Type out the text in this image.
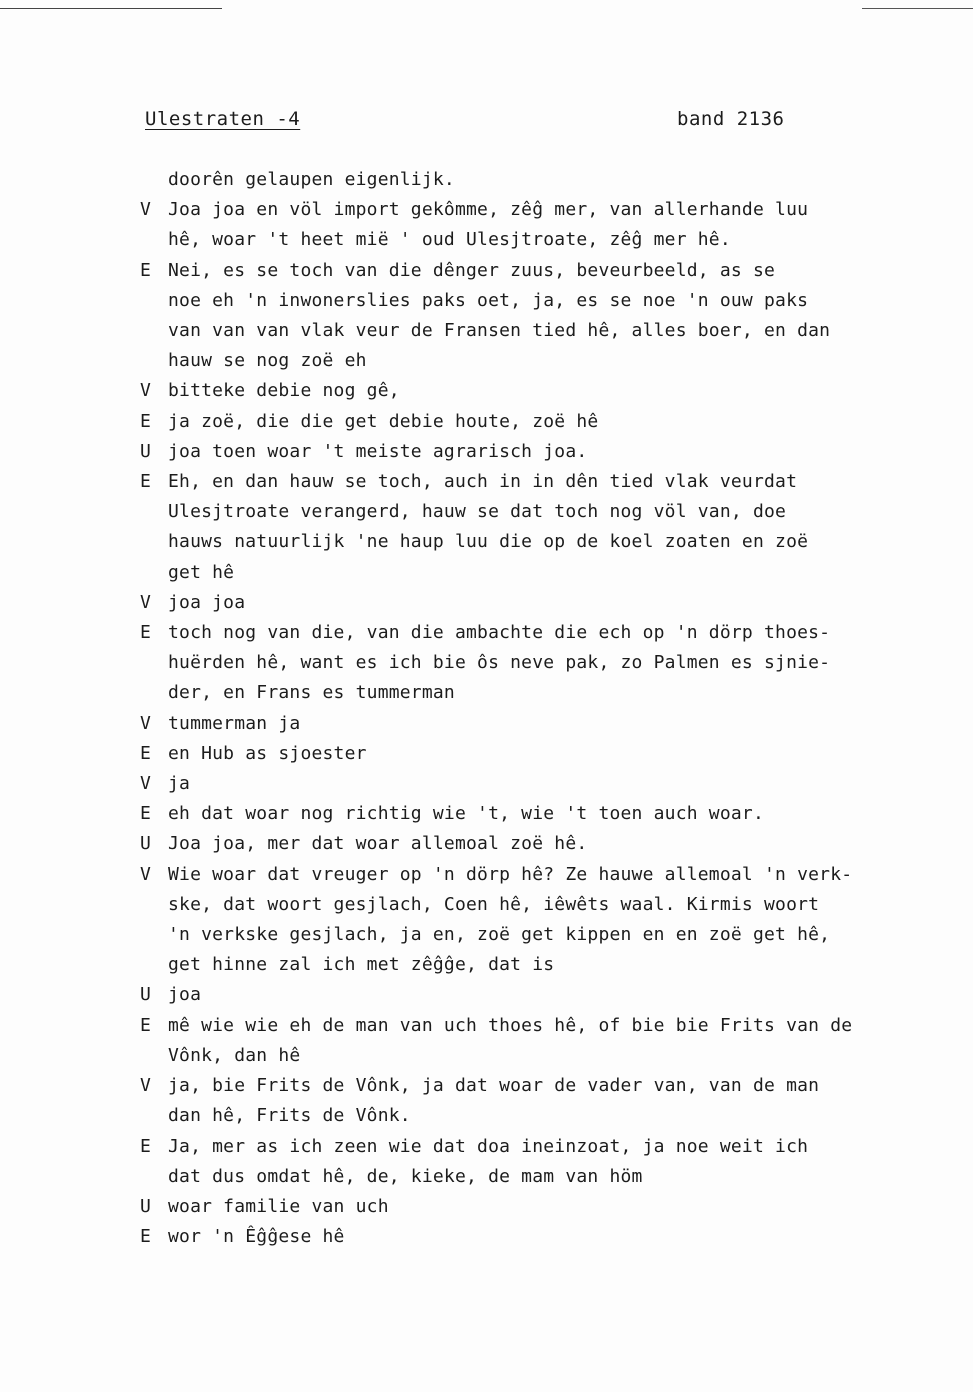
Ulestraten -4	band 2136
doorên gelaupen eigenlijk.
V Joa joa en völ import gekômme, zêĝ mer, van allerhande luu
hê, woar 't heet mië ' oud Ulesjtroate, zêĝ mer hê.
E Nei, es se toch van die dênger zuus, beveurbeeld, as se
noe eh 'n inwonerslies paks oet, ja, es se noe 'n ouw paks
van van van vlak veur de Fransen tied hê, alles boer, en dan
hauw se nog zoë eh
V bitteke debie nog gê,
E ja zoë, die die get debie houte, zoë hê
U joa toen woar 't meiste agrarisch joa.
E Eh, en dan hauw se toch, auch in in dên tied vlak veurdat
Ulesjtroate verangerd, hauw se dat toch nog völ van, doe
hauws natuurlijk 'ne haup luu die op de koel zoaten en zoë
get hê
V joa joa
E toch nog van die, van die ambachte die ech op 'n dörp thoes-
huërden hê, want es ich bie ôs neve pak, zo Palmen es sjnie-
der, en Frans es tummerman
V tummerman ja
E en Hub as sjoester
V ja
E eh dat woar nog richtig wie 't, wie 't toen auch woar.
U Joa joa, mer dat woar allemoal zoë hê.
V Wie woar dat vreuger op 'n dörp hê? Ze hauwe allemoal 'n verk-
ske, dat woort gesjlach, Coen hê, iêwêts waal. Kirmis woort
'n verkske gesjlach, ja en, zoë get kippen en en zoë get hê,
get hinne zal ich met zêĝĝe, dat is
U joa
E mê wie wie eh de man van uch thoes hê, of bie bie Frits van de
Vônk, dan hê
V ja, bie Frits de Vônk, ja dat woar de vader van, van de man
dan hê, Frits de Vônk.
E Ja, mer as ich zeen wie dat doa ineinzoat, ja noe weit ich
dat dus omdat hê, de, kieke, de mam van höm
U woar familie van uch
E wor 'n Êĝĝese hê
